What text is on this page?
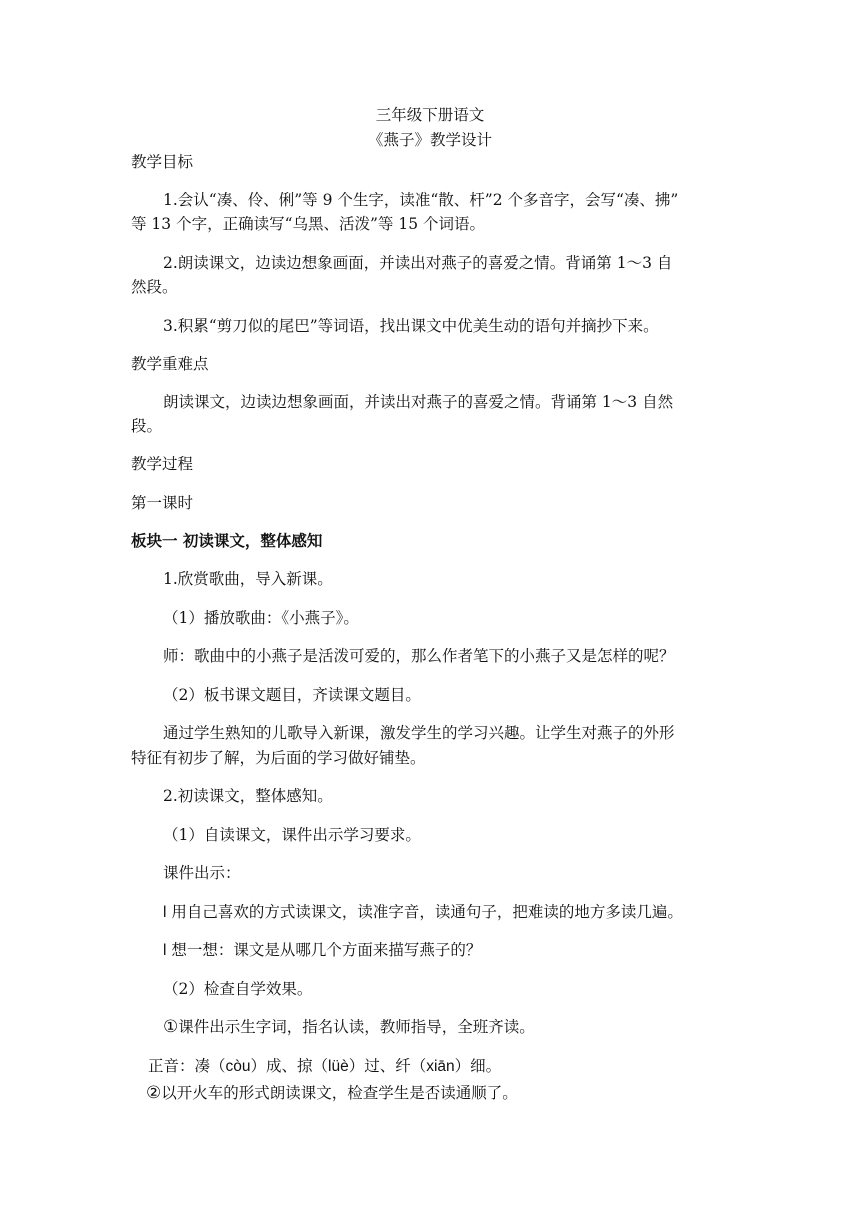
三年级下册语文
《燕子》教学设计
教学目标
1.会认“凑、伶、俐”等 9 个生字，读准“散、杆”2 个多音字，会写“凑、拂”
等 13 个字，正确读写“乌黑、活泼”等 15 个词语。
2.朗读课文，边读边想象画面，并读出对燕子的喜爱之情。背诵第 1～3 自
然段。
3.积累“剪刀似的尾巴”等词语，找出课文中优美生动的语句并摘抄下来。
教学重难点
朗读课文，边读边想象画面，并读出对燕子的喜爱之情。背诵第 1～3 自然
段。
教学过程
第一课时
板块一 初读课文，整体感知
1.欣赏歌曲，导入新课。
（1）播放歌曲：《小燕子》。
师：歌曲中的小燕子是活泼可爱的，那么作者笔下的小燕子又是怎样的呢？
（2）板书课文题目，齐读课文题目。
通过学生熟知的儿歌导入新课，激发学生的学习兴趣。让学生对燕子的外形
特征有初步了解，为后面的学习做好铺垫。
2.初读课文，整体感知。
（1）自读课文，课件出示学习要求。
课件出示：
l 用自己喜欢的方式读课文，读准字音，读通句子，把难读的地方多读几遍。
l 想一想：课文是从哪几个方面来描写燕子的？
（2）检查自学效果。
①课件出示生字词，指名认读，教师指导，全班齐读。
正音：凑（còu）成、掠（lüè）过、纤（xiān）细。
②以开火车的形式朗读课文，检查学生是否读通顺了。
